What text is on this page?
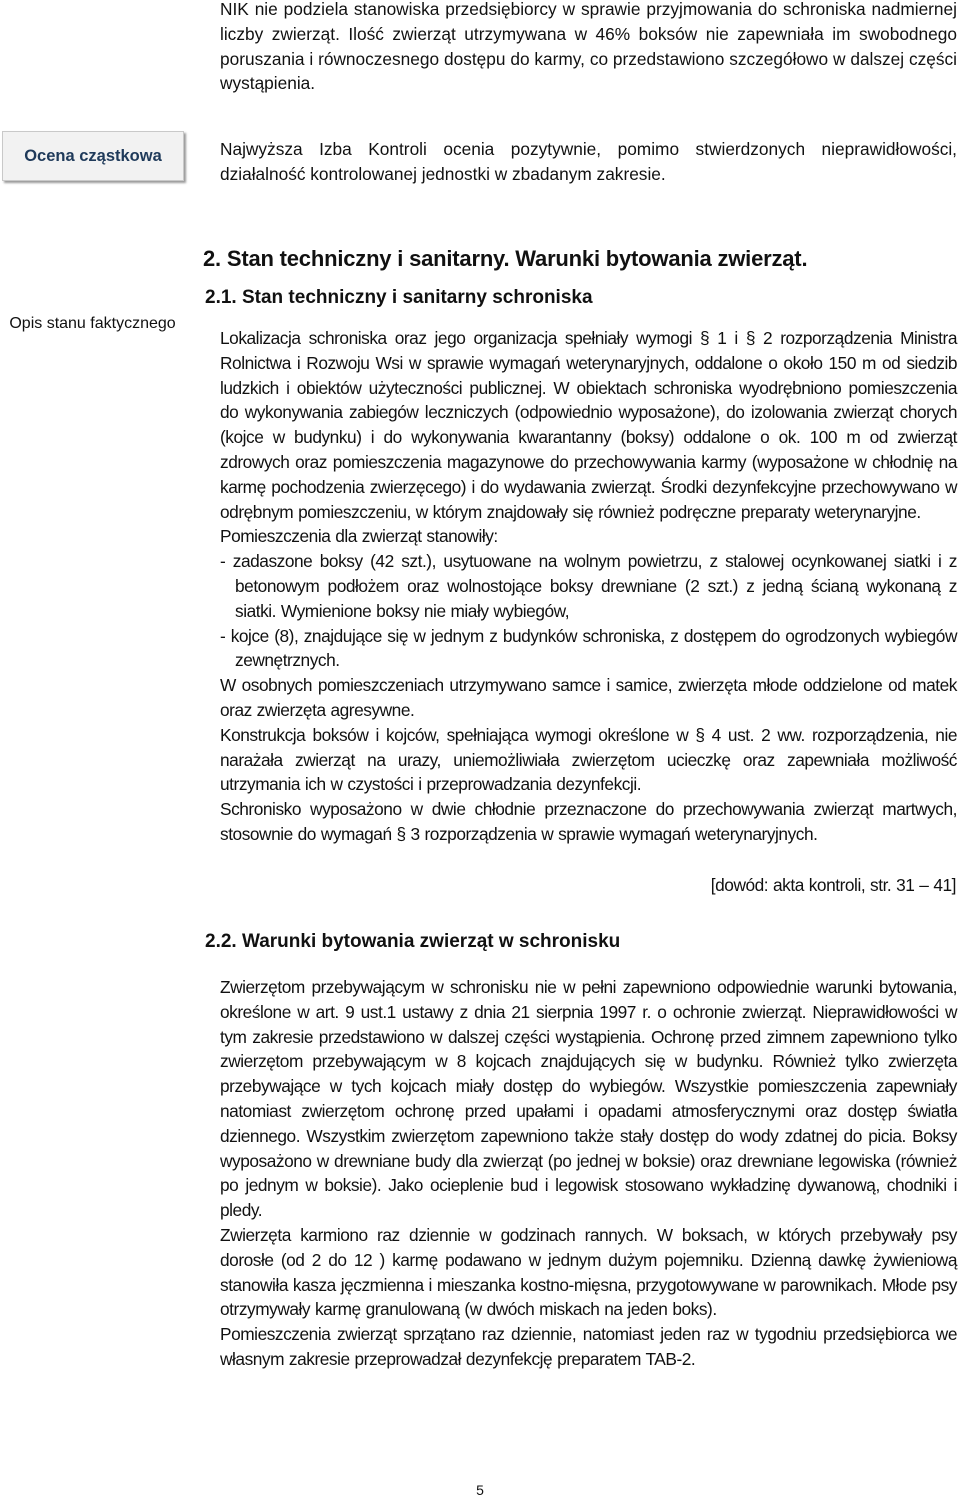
NIK nie podziela stanowiska przedsiębiorcy w sprawie przyjmowania do schroniska nadmiernej liczby zwierząt. Ilość zwierząt utrzymywana w 46% boksów nie zapewniała im swobodnego poruszania i równoczesnego dostępu do karmy, co przedstawiono szczegółowo w dalszej części wystąpienia.

Ocena cząstkowa	Najwyższa Izba Kontroli ocenia pozytywnie, pomimo stwierdzonych nieprawidłowości, działalność kontrolowanej jednostki w zbadanym zakresie.

2. Stan techniczny i sanitarny. Warunki bytowania zwierząt.
Opis stanu faktycznego
2.1. Stan techniczny i sanitarny schroniska

Lokalizacja schroniska oraz jego organizacja spełniały wymogi § 1 i § 2 rozporządzenia Ministra Rolnictwa i Rozwoju Wsi w sprawie wymagań weterynaryjnych, oddalone o około 150 m od siedzib ludzkich i obiektów użyteczności publicznej. W obiektach schroniska wyodrębniono pomieszczenia do wykonywania zabiegów leczniczych (odpowiednio wyposażone), do izolowania zwierząt chorych (kojce w budynku) i do wykonywania kwarantanny (boksy) oddalone o ok. 100 m od zwierząt zdrowych oraz pomieszczenia magazynowe do przechowywania karmy (wyposażone w chłodnię na karmę pochodzenia zwierzęcego) i do wydawania zwierząt. Środki dezynfekcyjne przechowywano w odrębnym pomieszczeniu, w którym znajdowały się również podręczne preparaty weterynaryjne.

Pomieszczenia dla zwierząt stanowiły:

- zadaszone boksy (42 szt.), usytuowane na wolnym powietrzu, z stalowej ocynkowanej siatki i z betonowym podłożem oraz wolnostojące boksy drewniane (2 szt.) z jedną ścianą wykonaną z siatki. Wymienione boksy nie miały wybiegów,

- kojce (8), znajdujące się w jednym z budynków schroniska, z dostępem do ogrodzonych wybiegów zewnętrznych.

W osobnych pomieszczeniach utrzymywano samce i samice, zwierzęta młode oddzielone od matek oraz zwierzęta agresywne.

Konstrukcja boksów i kojców, spełniająca wymogi określone w § 4 ust. 2 ww. rozporządzenia, nie narażała zwierząt na urazy, uniemożliwiała zwierzętom ucieczkę oraz zapewniała możliwość utrzymania ich w czystości i przeprowadzania dezynfekcji.

Schronisko wyposażono w dwie chłodnie przeznaczone do przechowywania zwierząt martwych, stosownie do wymagań § 3 rozporządzenia w sprawie wymagań weterynaryjnych.

[dowód: akta kontroli, str. 31 – 41]
2.2. Warunki bytowania zwierząt w schronisku

Zwierzętom przebywającym w schronisku nie w pełni zapewniono odpowiednie warunki bytowania, określone w art. 9 ust.1 ustawy z dnia 21 sierpnia 1997 r. o ochronie zwierząt. Nieprawidłowości w tym zakresie przedstawiono w dalszej części wystąpienia. Ochronę przed zimnem zapewniono tylko zwierzętom przebywającym w 8 kojcach znajdujących się w budynku. Również tylko zwierzęta przebywające w tych kojcach miały dostęp do wybiegów. Wszystkie pomieszczenia zapewniały natomiast zwierzętom ochronę przed upałami i opadami atmosferycznymi oraz dostęp światła dziennego. Wszystkim zwierzętom zapewniono także stały dostęp do wody zdatnej do picia. Boksy wyposażono w drewniane budy dla zwierząt (po jednej w boksie) oraz drewniane legowiska (również po jednym w boksie). Jako ocieplenie bud i legowisk stosowano wykładzinę dywanową, chodniki i pledy.

Zwierzęta karmiono raz dziennie w godzinach rannych. W boksach, w których przebywały psy dorosłe (od 2 do 12 ) karmę podawano w jednym dużym pojemniku. Dzienną dawkę żywieniową stanowiła kasza jęczmienna i mieszanka kostno-mięsna, przygotowywane w parownikach. Młode psy otrzymywały karmę granulowaną (w dwóch miskach na jeden boks).

Pomieszczenia zwierząt sprzątano raz dziennie, natomiast jeden raz w tygodniu przedsiębiorca we własnym zakresie przeprowadzał dezynfekcję preparatem TAB-2.

5
